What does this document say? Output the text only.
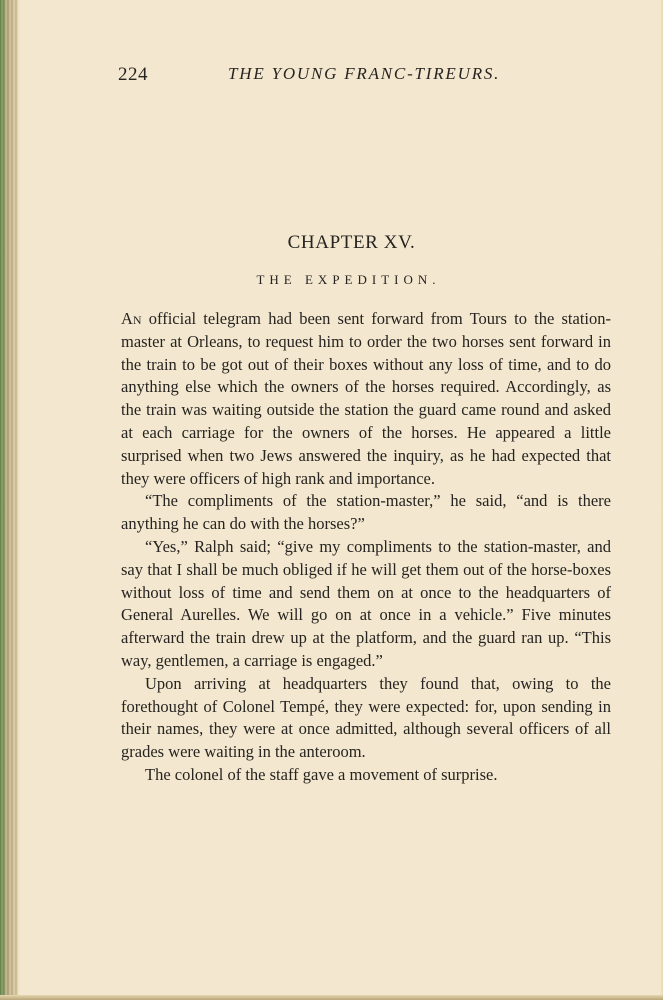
224	THE YOUNG FRANC-TIREURS.
CHAPTER XV.
THE EXPEDITION.

An official telegram had been sent forward from Tours to the station-master at Orleans, to request him to order the two horses sent forward in the train to be got out of their boxes without any loss of time, and to do anything else which the owners of the horses required. Accordingly, as the train was waiting outside the station the guard came round and asked at each carriage for the owners of the horses. He appeared a little surprised when two Jews answered the inquiry, as he had expected that they were officers of high rank and importance.

“The compliments of the station-master,” he said, “and is there anything he can do with the horses?”

“Yes,” Ralph said; “give my compliments to the station-master, and say that I shall be much obliged if he will get them out of the horse-boxes without loss of time and send them on at once to the headquarters of General Aurelles. We will go on at once in a vehicle.” Five minutes afterward the train drew up at the platform, and the guard ran up. “This way, gentlemen, a carriage is engaged.”

Upon arriving at headquarters they found that, owing to the forethought of Colonel Tempé, they were expected: for, upon sending in their names, they were at once admitted, although several officers of all grades were waiting in the anteroom.

The colonel of the staff gave a movement of surprise.
